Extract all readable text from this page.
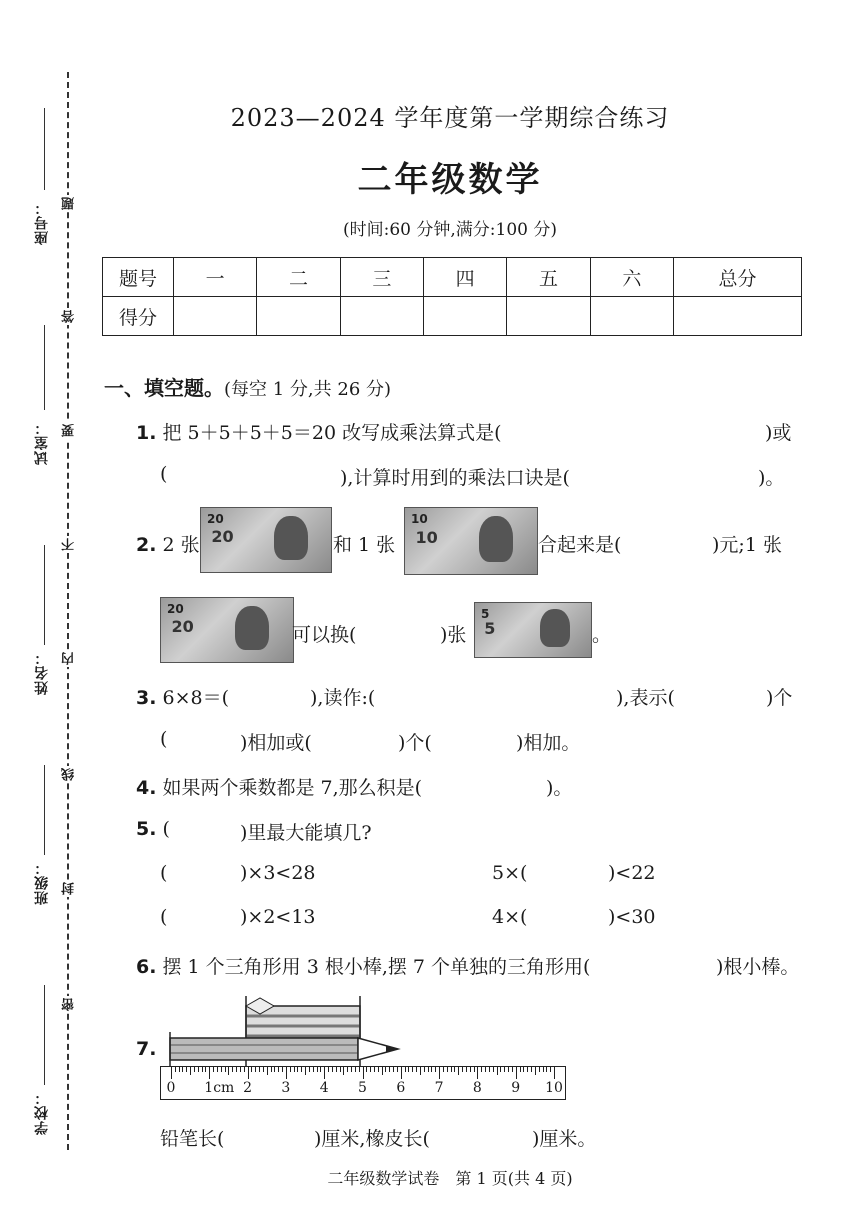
座号：
试室：
姓名：
班级：
学校：
题
答
要
不
内
线
封
密
2023—2024 学年度第一学期综合练习
二年级数学
(时间:60 分钟,满分:100 分)
题号	一	二	三	四	五	六	总分
得分							
一、填空题。(每空 1 分,共 26 分)
1. 把 5＋5＋5＋5＝20 改写成乘法算式是(	)或
(	),计算时用到的乘法口诀是(	)。
2. 2 张
20
20	和 1 张
10
10	合起来是(	)元;1 张
20
20	可以换(	)张
5
5	。
3. 6×8＝(	),读作:(	),表示(	)个
(	)相加或(	)个(	)相加。
4. 如果两个乘数都是 7,那么积是(	)。
5. (	)里最大能填几?
(	)×3<28	5×(	)<22
(	)×2<13	4×(	)<30
6. 摆 1 个三角形用 3 根小棒,摆 7 个单独的三角形用(	)根小棒。
7.
0 1cm 2 3 4 5 6 7 8 9 10
铅笔长(	)厘米,橡皮长(	)厘米。
二年级数学试卷　第 1 页(共 4 页)
